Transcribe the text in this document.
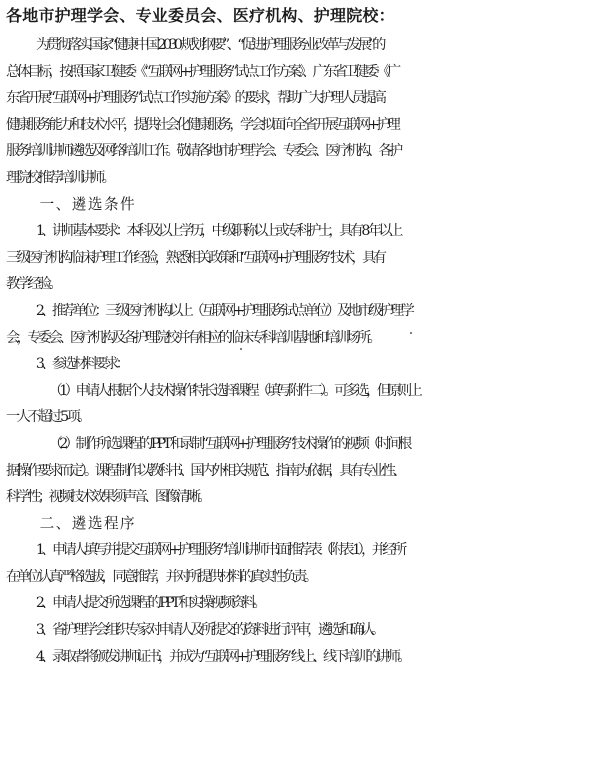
各地市护理学会、专业委员会、医疗机构、护理院校：

为贯彻落实国家“健康中国 2030 规划纲要”、“促进护理服务业改革与发展”的
总体目标，按照国家卫健委《“互联网+护理服务”试点工作方案》、广东省卫健委《广
东省开展“互联网+护理服务”试点工作实施方案》的要求，帮助广大护理人员提高
健康服务能力和技术水平，提供社会化健康服务，学会拟面向全省开展互联网+护理
服务培训讲师遴选及网络培训工作。敬请各地市护理学会、专委会、医疗机构、各护
理院校推荐培训讲师。

一、遴选条件

1、讲师基本要求：本科及以上学历，中级职称以上或专科护士，具有 8 年以上
三级医疗机构临床护理工作经验，熟悉相关政策和“互联网+护理服务”技术，具有
教学经验。

2、推荐单位：三级医疗机构以上（互联网+护理服务试点单位）及地市级护理学
会，专委会、医疗机构及各护理院校并有相应的临床专科培训基地和培训场所。

3、参选材料要求：

（1）申请人根据个人技术操作特长选择课程（填写附件二）。可多选，但原则上
一人不超过 5 项。

（2）制作所选课程的 PPT 和录制“互联网+护理服务”技术操作的视频（时间根
据操作要求而定）。课程制作以教科书、国内外相关规范、指南为依据，具有专业性、
科学性；视频技术效果须声音、图像清晰。

二、遴选程序

1、申请人填写并提交互联网+护理服务”培训讲师书面推荐表（附表 1），并经所
在单位认真严格选拔，同意推荐，并对所提供材料的真实性负责。

2、申请人提交所选课程的 PPT 和实操视频资料。

3、省护理学会组织专家对申请人及所提交的资料进行评审，遴选和确认。

4、录取者将颁发讲师证书，并成为“互联网+护理服务”线上、线下培训的讲师。
